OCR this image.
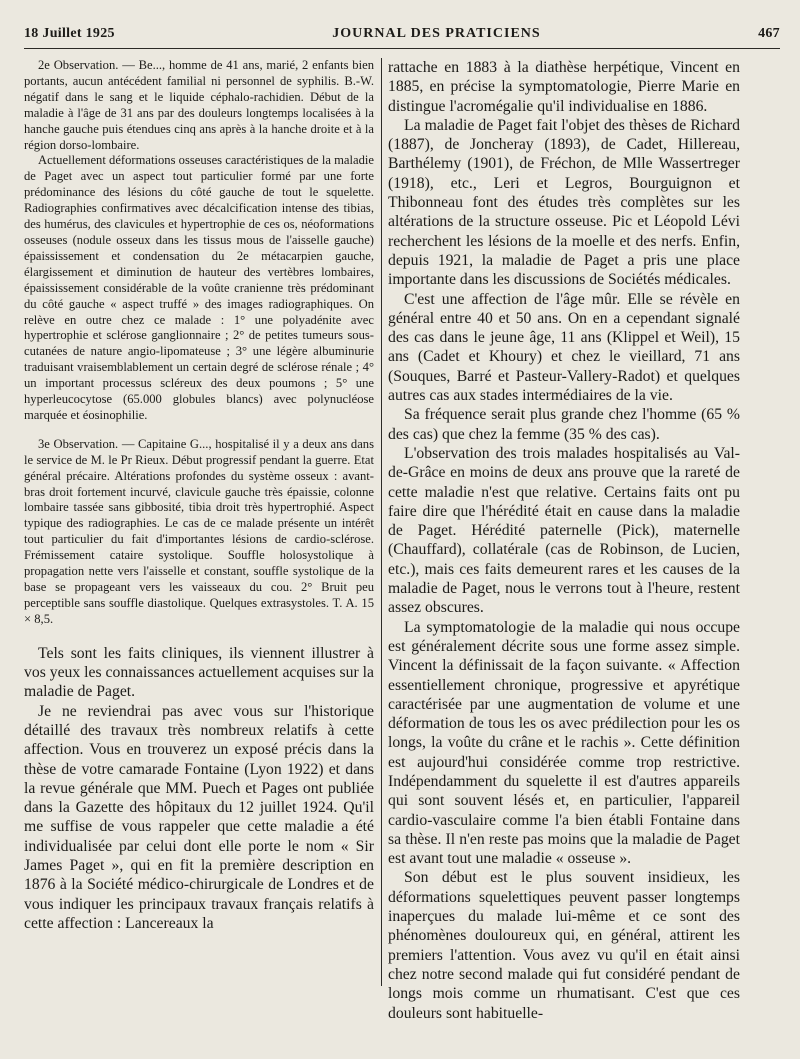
18 Juillet 1925	JOURNAL DES PRATICIENS	467

2e Observation. — Be..., homme de 41 ans, marié, 2 enfants bien portants, aucun antécédent familial ni personnel de syphilis. B.-W. négatif dans le sang et le liquide céphalo-rachidien. Début de la maladie à l'âge de 31 ans par des douleurs longtemps localisées à la hanche gauche puis étendues cinq ans après à la hanche droite et à la région dorso-lombaire.

Actuellement déformations osseuses caractéristiques de la maladie de Paget avec un aspect tout particulier formé par une forte prédominance des lésions du côté gauche de tout le squelette. Radiographies confirmatives avec décalcification intense des tibias, des humérus, des clavicules et hypertrophie de ces os, néoformations osseuses (nodule osseux dans les tissus mous de l'aisselle gauche) épaississement et condensation du 2e métacarpien gauche, élargissement et diminution de hauteur des vertèbres lombaires, épaississement considérable de la voûte cranienne très prédominant du côté gauche « aspect truffé » des images radiographiques. On relève en outre chez ce malade : 1° une polyadénite avec hypertrophie et sclérose ganglionnaire ; 2° de petites tumeurs sous-cutanées de nature angio-lipomateuse ; 3° une légère albuminurie traduisant vraisemblablement un certain degré de sclérose rénale ; 4° un important processus scléreux des deux poumons ; 5° une hyperleucocytose (65.000 globules blancs) avec polynucléose marquée et éosinophilie.

3e Observation. — Capitaine G..., hospitalisé il y a deux ans dans le service de M. le Pr Rieux. Début progressif pendant la guerre. Etat général précaire. Altérations profondes du système osseux : avant-bras droit fortement incurvé, clavicule gauche très épaissie, colonne lombaire tassée sans gibbosité, tibia droit très hypertrophié. Aspect typique des radiographies. Le cas de ce malade présente un intérêt tout particulier du fait d'importantes lésions de cardio-sclérose. Frémissement cataire systolique. Souffle holosystolique à propagation nette vers l'aisselle et constant, souffle systolique de la base se propageant vers les vaisseaux du cou. 2° Bruit peu perceptible sans souffle diastolique. Quelques extrasystoles. T. A. 15 × 8,5.

Tels sont les faits cliniques, ils viennent illustrer à vos yeux les connaissances actuellement acquises sur la maladie de Paget.

Je ne reviendrai pas avec vous sur l'historique détaillé des travaux très nombreux relatifs à cette affection. Vous en trouverez un exposé précis dans la thèse de votre camarade Fontaine (Lyon 1922) et dans la revue générale que MM. Puech et Pages ont publiée dans la Gazette des hôpitaux du 12 juillet 1924. Qu'il me suffise de vous rappeler que cette maladie a été individualisée par celui dont elle porte le nom « Sir James Paget », qui en fit la première description en 1876 à la Société médico-chirurgicale de Londres et de vous indiquer les principaux travaux français relatifs à cette affection : Lancereaux la

rattache en 1883 à la diathèse herpétique, Vincent en 1885, en précise la symptomatologie, Pierre Marie en distingue l'acromégalie qu'il individualise en 1886.

La maladie de Paget fait l'objet des thèses de Richard (1887), de Joncheray (1893), de Cadet, Hillereau, Barthélemy (1901), de Fréchon, de Mlle Wassertreger (1918), etc., Leri et Legros, Bourguignon et Thibonneau font des études très complètes sur les altérations de la structure osseuse. Pic et Léopold Lévi recherchent les lésions de la moelle et des nerfs. Enfin, depuis 1921, la maladie de Paget a pris une place importante dans les discussions de Sociétés médicales.

C'est une affection de l'âge mûr. Elle se révèle en général entre 40 et 50 ans. On en a cependant signalé des cas dans le jeune âge, 11 ans (Klippel et Weil), 15 ans (Cadet et Khoury) et chez le vieillard, 71 ans (Souques, Barré et Pasteur-Vallery-Radot) et quelques autres cas aux stades intermédiaires de la vie.

Sa fréquence serait plus grande chez l'homme (65 % des cas) que chez la femme (35 % des cas).

L'observation des trois malades hospitalisés au Val-de-Grâce en moins de deux ans prouve que la rareté de cette maladie n'est que relative. Certains faits ont pu faire dire que l'hérédité était en cause dans la maladie de Paget. Hérédité paternelle (Pick), maternelle (Chauffard), collatérale (cas de Robinson, de Lucien, etc.), mais ces faits demeurent rares et les causes de la maladie de Paget, nous le verrons tout à l'heure, restent assez obscures.

La symptomatologie de la maladie qui nous occupe est généralement décrite sous une forme assez simple. Vincent la définissait de la façon suivante. « Affection essentiellement chronique, progressive et apyrétique caractérisée par une augmentation de volume et une déformation de tous les os avec prédilection pour les os longs, la voûte du crâne et le rachis ». Cette définition est aujourd'hui considérée comme trop restrictive. Indépendamment du squelette il est d'autres appareils qui sont souvent lésés et, en particulier, l'appareil cardio-vasculaire comme l'a bien établi Fontaine dans sa thèse. Il n'en reste pas moins que la maladie de Paget est avant tout une maladie « osseuse ».

Son début est le plus souvent insidieux, les déformations squelettiques peuvent passer longtemps inaperçues du malade lui-même et ce sont des phénomènes douloureux qui, en général, attirent les premiers l'attention. Vous avez vu qu'il en était ainsi chez notre second malade qui fut considéré pendant de longs mois comme un rhumatisant. C'est que ces douleurs sont habituelle-
